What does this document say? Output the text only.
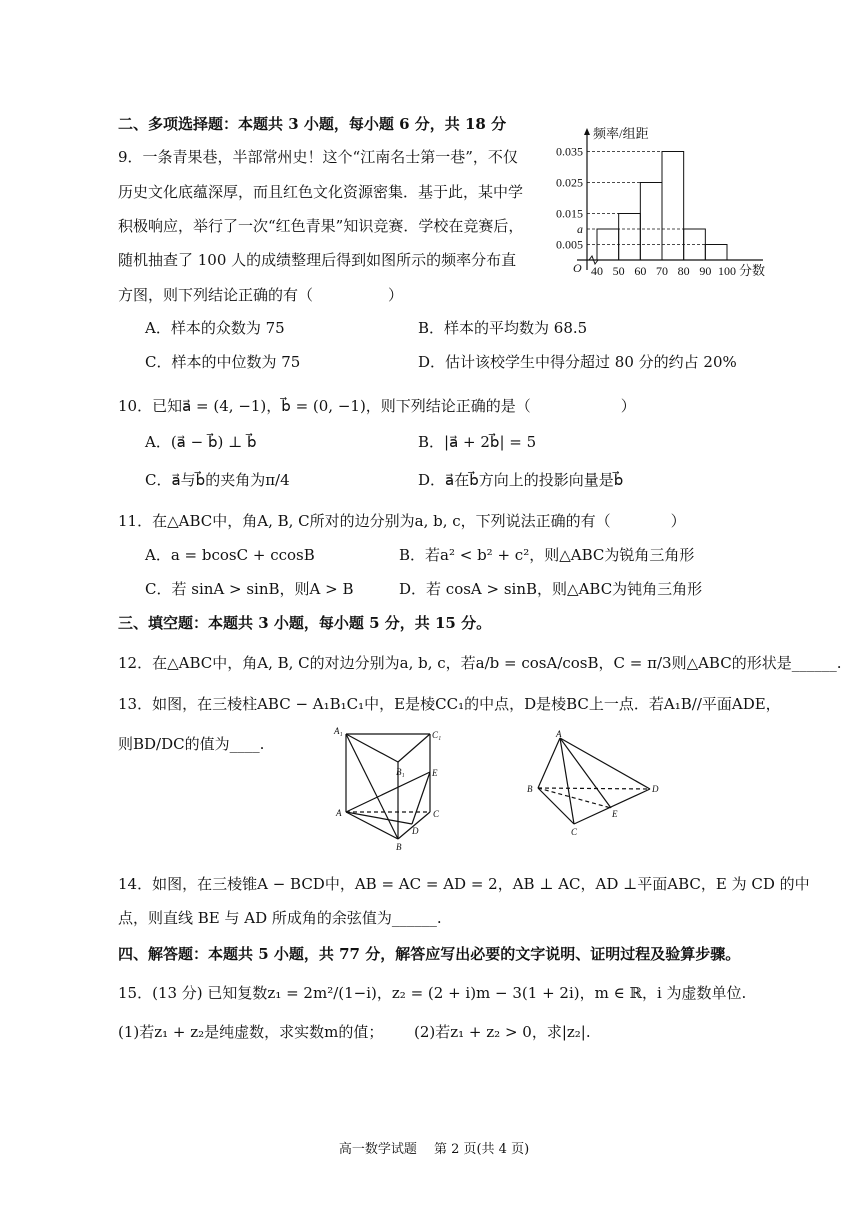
二、多项选择题：本题共 3 小题，每小题 6 分，共 18 分
9．一条青果巷，半部常州史！这个“江南名士第一巷”，不仅
历史文化底蕴深厚，而且红色文化资源密集．基于此，某中学
积极响应，举行了一次“红色青果”知识竞赛．学校在竞赛后，
随机抽查了 100 人的成绩整理后得到如图所示的频率分布直
方图，则下列结论正确的有（　　　　　）
频率/组距
O
0.035
0.025
0.015
a
0.005
40 50 60 70 80 90 100 分数
A．样本的众数为 75	B．样本的平均数为 68.5
C．样本的中位数为 75	D．估计该校学生中得分超过 80 分的约占 20%
10．已知a⃗ = (4, −1)，b⃗ = (0, −1)，则下列结论正确的是（　　　　　　）
A．(a⃗ − b⃗) ⊥ b⃗	B．|a⃗ + 2b⃗| = 5
C．a⃗与b⃗的夹角为π/4	D．a⃗在b⃗方向上的投影向量是b⃗
11．在△ABC中，角A, B, C所对的边分别为a, b, c，下列说法正确的有（　　　　）
A．a = bcosC + ccosB	B．若a² < b² + c²，则△ABC为锐角三角形
C．若 sinA > sinB，则A > B	D．若 cosA > sinB，则△ABC为钝角三角形
三、填空题：本题共 3 小题，每小题 5 分，共 15 分。
12．在△ABC中，角A, B, C的对边分别为a, b, c，若a/b = cosA/cosB，C = π/3则△ABC的形状是______.
13．如图，在三棱柱ABC − A₁B₁C₁中，E是棱CC₁的中点，D是棱BC上一点．若A₁B//平面ADE，
则BD/DC的值为____.
A₁	C₁
B₁	E
A	C
D
B
A
B	D
E
C
14．如图，在三棱锥A − BCD中，AB = AC = AD = 2，AB ⊥ AC，AD ⊥平面ABC，E 为 CD 的中
点，则直线 BE 与 AD 所成角的余弦值为______.
四、解答题：本题共 5 小题，共 77 分，解答应写出必要的文字说明、证明过程及验算步骤。
15．(13 分) 已知复数z₁ = 2m²/(1−i)，z₂ = (2 + i)m − 3(1 + 2i)，m ∈ ℝ，i 为虚数单位.
(1)若z₁ + z₂是纯虚数，求实数m的值； (2)若z₁ + z₂ > 0，求|z₂|.
高一数学试题　 第 2 页(共 4 页)
